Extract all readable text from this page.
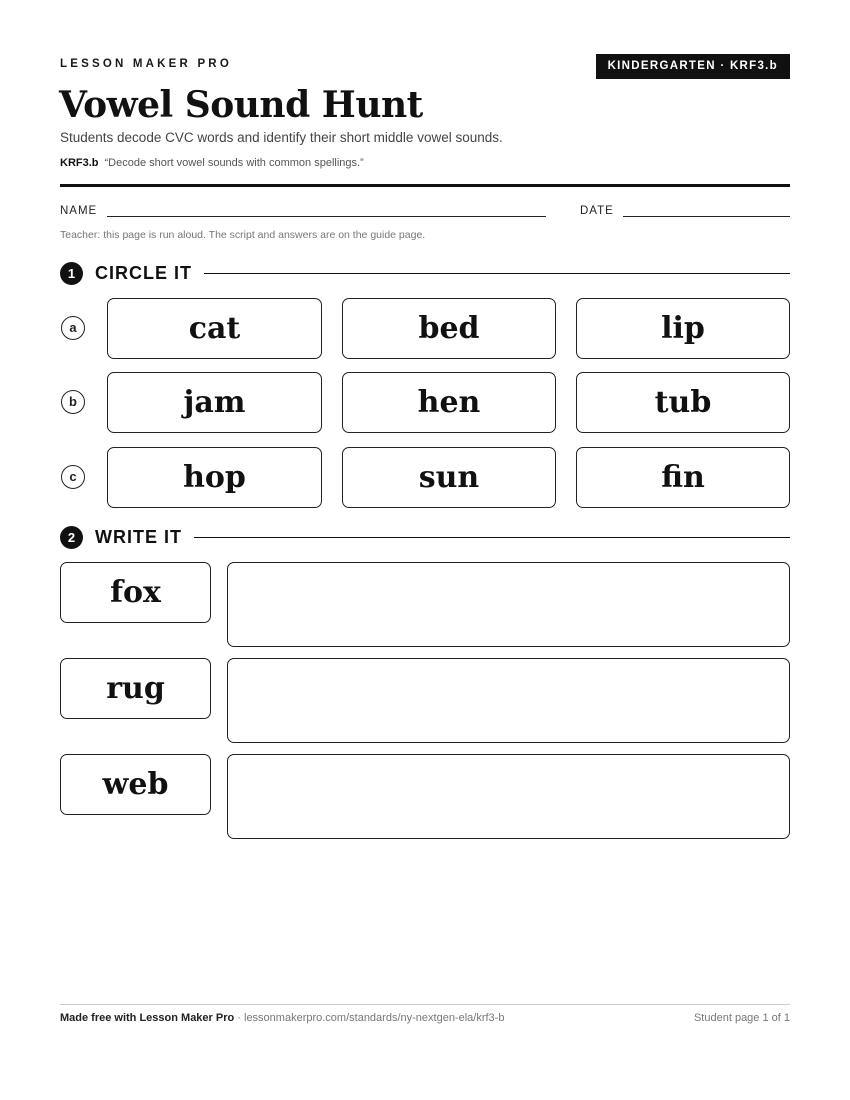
LESSON MAKER PRO	KINDERGARTEN · KRF3.b
Vowel Sound Hunt
Students decode CVC words and identify their short middle vowel sounds.
KRF3.b “Decode short vowel sounds with common spellings.”
NAME	DATE
Teacher: this page is run aloud. The script and answers are on the guide page.
1	CIRCLE IT
a	cat	bed	lip
b	jam	hen	tub
c	hop	sun	fin
2	WRITE IT
fox
rug
web
Made free with Lesson Maker Pro · lessonmakerpro.com/standards/ny-nextgen-ela/krf3-b	Student page 1 of 1
